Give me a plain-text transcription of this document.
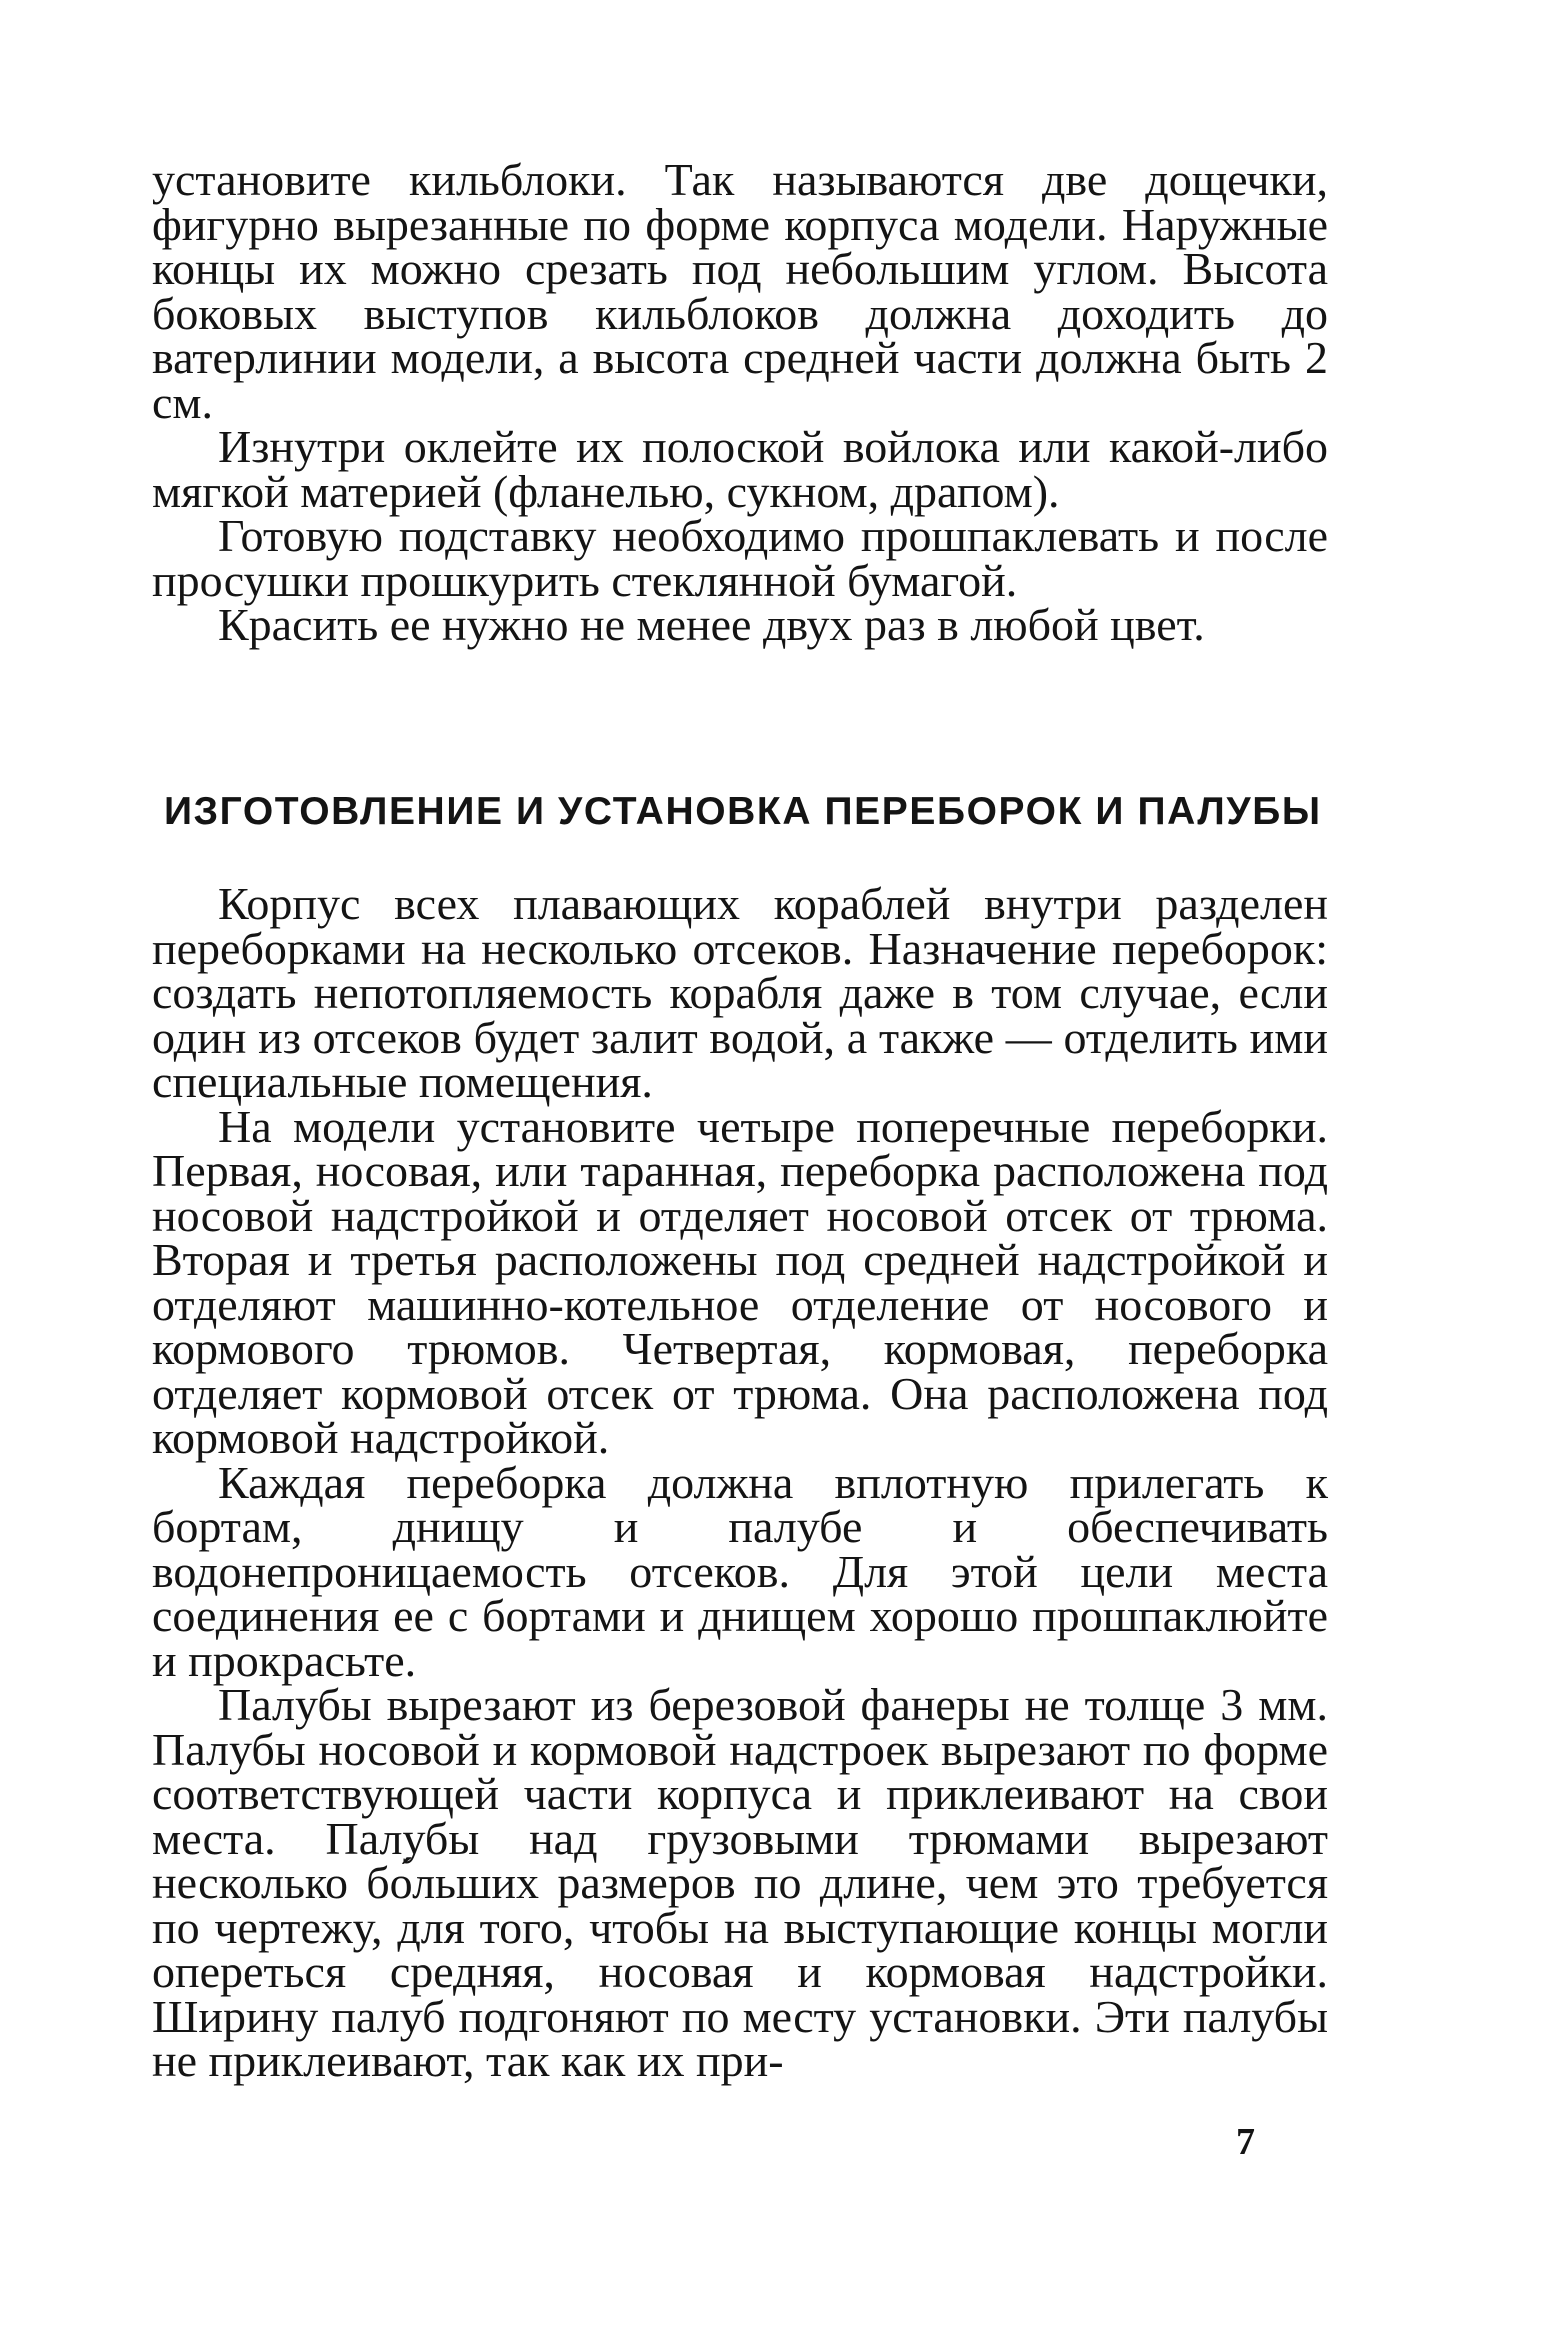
установите кильблоки. Так называются две дощечки, фигурно вырезанные по форме корпуса модели. Наружные концы их можно срезать под небольшим углом. Высота боковых выступов кильблоков должна доходить до ватерлинии модели, а высота средней части должна быть 2 см.

Изнутри оклейте их полоской войлока или какой-либо мягкой материей (фланелью, сукном, драпом).

Готовую подставку необходимо прошпаклевать и после просушки прошкурить стеклянной бумагой.

Красить ее нужно не менее двух раз в любой цвет.

ИЗГОТОВЛЕНИЕ И УСТАНОВКА ПЕРЕБОРОК И ПАЛУБЫ

Корпус всех плавающих кораблей внутри разделен переборками на несколько отсеков. Назначение переборок: создать непотопляемость корабля даже в том случае, если один из отсеков будет залит водой, а также — отделить ими специальные помещения.

На модели установите четыре поперечные переборки. Первая, носовая, или таранная, переборка расположена под носовой надстройкой и отделяет носовой отсек от трюма. Вторая и третья расположены под средней надстройкой и отделяют машинно-котельное отделение от носового и кормового трюмов. Четвертая, кормовая, переборка отделяет кормовой отсек от трюма. Она расположена под кормовой надстройкой.

Каждая переборка должна вплотную прилегать к бортам, днищу и палубе и обеспечивать водонепроницаемость отсеков. Для этой цели места соединения ее с бортами и днищем хорошо прошпаклюйте и прокрасьте.

Палубы вырезают из березовой фанеры не толще 3 мм. Палубы носовой и кормовой надстроек вырезают по форме соответствующей части корпуса и приклеивают на свои места. Палубы над грузовыми трюмами вырезают несколько бо́льших размеров по длине, чем это требуется по чертежу, для того, чтобы на выступающие концы могли опереться средняя, носовая и кормовая надстройки. Ширину палуб подгоняют по месту установки. Эти палубы не приклеивают, так как их при-

7
